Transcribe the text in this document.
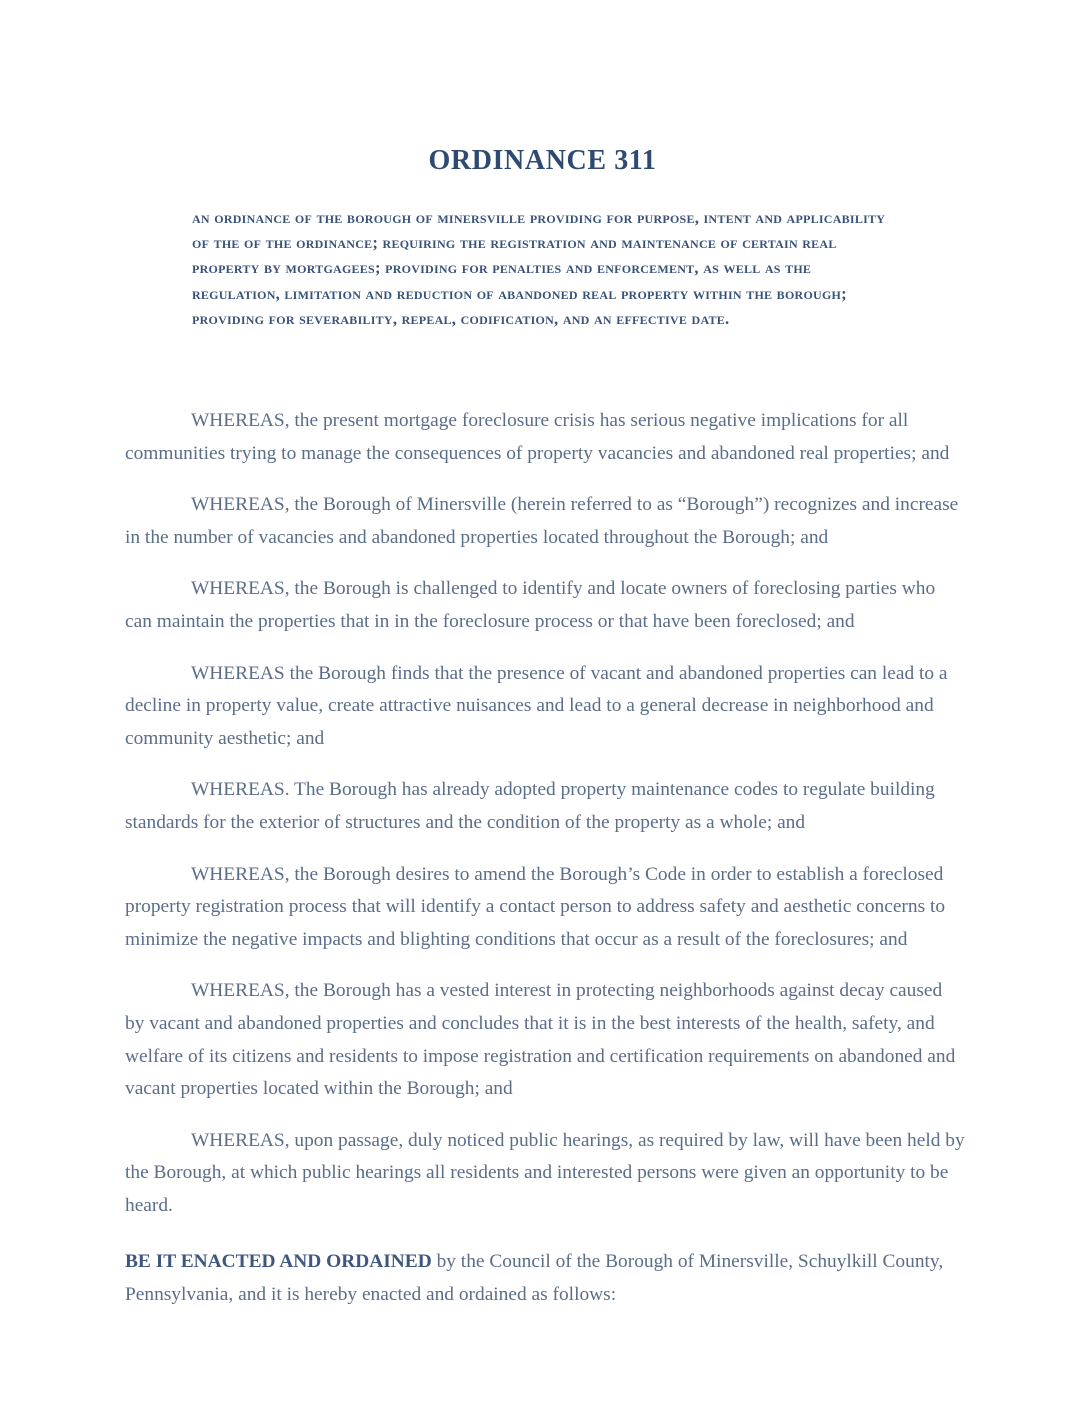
ORDINANCE 311
an ordinance of the borough of minersville providing for purpose, intent and applicability of the of the ordinance; requiring the registration and maintenance of certain real property by mortgagees; providing for penalties and enforcement, as well as the regulation, limitation and reduction of abandoned real property within the borough; providing for severability, repeal, codification, and an effective date.

WHEREAS, the present mortgage foreclosure crisis has serious negative implications for all communities trying to manage the consequences of property vacancies and abandoned real properties; and

WHEREAS, the Borough of Minersville (herein referred to as “Borough”) recognizes and increase in the number of vacancies and abandoned properties located throughout the Borough; and

WHEREAS, the Borough is challenged to identify and locate owners of foreclosing parties who can maintain the properties that in in the foreclosure process or that have been foreclosed; and

WHEREAS the Borough finds that the presence of vacant and abandoned properties can lead to a decline in property value, create attractive nuisances and lead to a general decrease in neighborhood and community aesthetic; and

WHEREAS. The Borough has already adopted property maintenance codes to regulate building standards for the exterior of structures and the condition of the property as a whole; and

WHEREAS, the Borough desires to amend the Borough’s Code in order to establish a foreclosed property registration process that will identify a contact person to address safety and aesthetic concerns to minimize the negative impacts and blighting conditions that occur as a result of the foreclosures; and

WHEREAS, the Borough has a vested interest in protecting neighborhoods against decay caused by vacant and abandoned properties and concludes that it is in the best interests of the health, safety, and welfare of its citizens and residents to impose registration and certification requirements on abandoned and vacant properties located within the Borough; and

WHEREAS, upon passage, duly noticed public hearings, as required by law, will have been held by the Borough, at which public hearings all residents and interested persons were given an opportunity to be heard.

BE IT ENACTED AND ORDAINED by the Council of the Borough of Minersville, Schuylkill County, Pennsylvania, and it is hereby enacted and ordained as follows:
